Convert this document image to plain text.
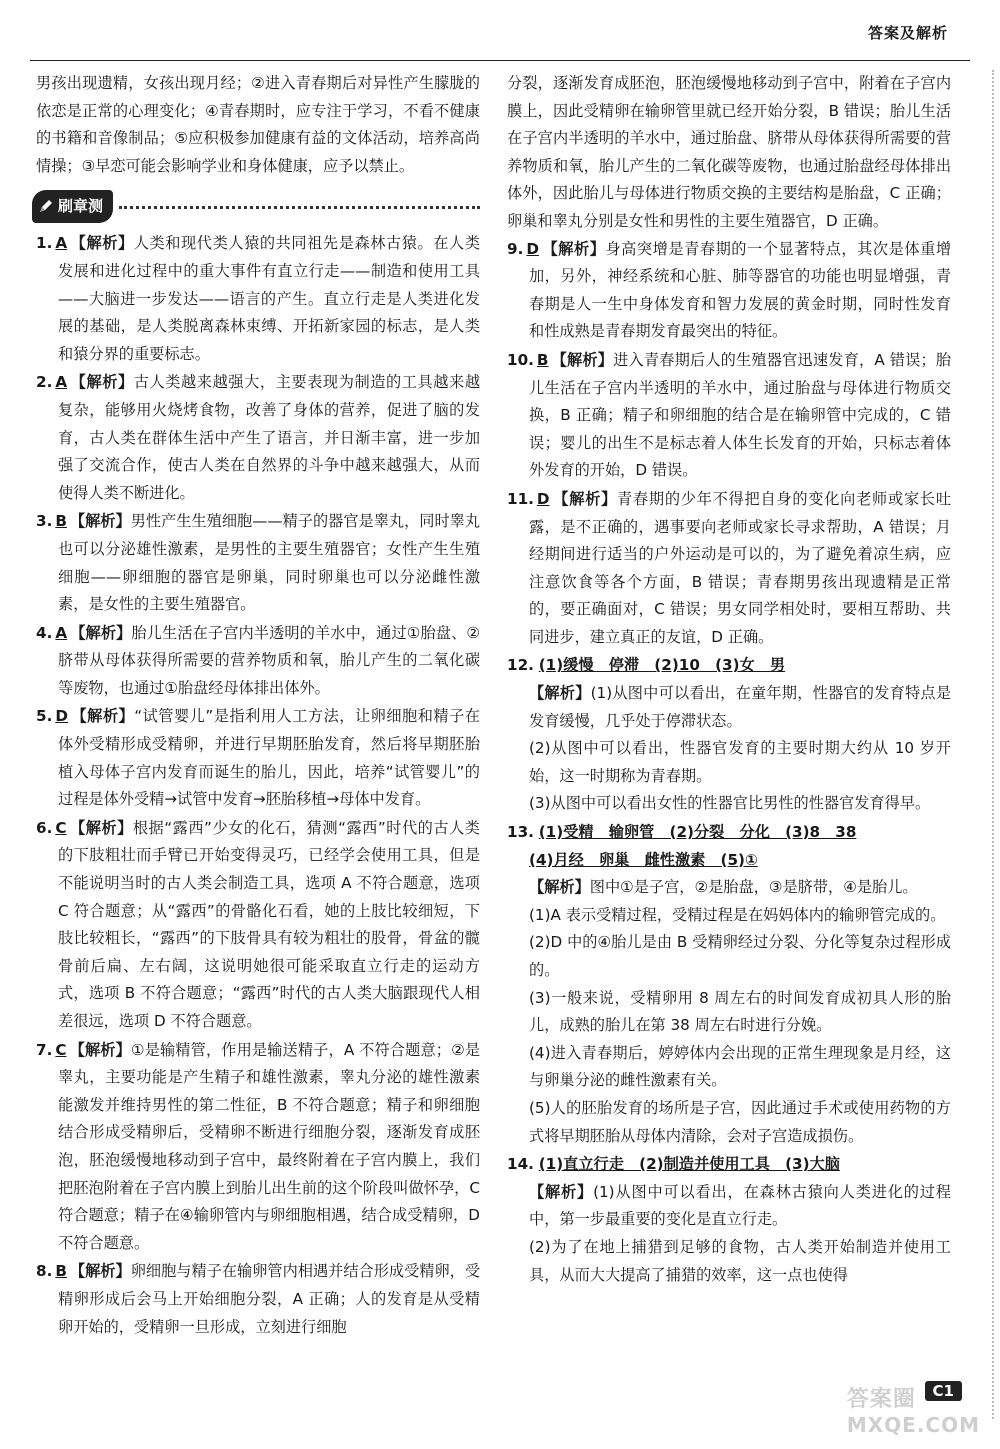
答案及解析

男孩出现遗精，女孩出现月经；②进入青春期后对异性产生朦胧的依恋是正常的心理变化；④青春期时，应专注于学习，不看不健康的书籍和音像制品；⑤应积极参加健康有益的文体活动，培养高尚情操；③早恋可能会影响学业和身体健康，应予以禁止。

刷章测

1. A 【解析】人类和现代类人猿的共同祖先是森林古猿。在人类发展和进化过程中的重大事件有直立行走——制造和使用工具——大脑进一步发达——语言的产生。直立行走是人类进化发展的基础，是人类脱离森林束缚、开拓新家园的标志，是人类和猿分界的重要标志。

2. A 【解析】古人类越来越强大，主要表现为制造的工具越来越复杂，能够用火烧烤食物，改善了身体的营养，促进了脑的发育，古人类在群体生活中产生了语言，并日渐丰富，进一步加强了交流合作，使古人类在自然界的斗争中越来越强大，从而使得人类不断进化。

3. B 【解析】男性产生生殖细胞——精子的器官是睾丸，同时睾丸也可以分泌雄性激素，是男性的主要生殖器官；女性产生生殖细胞——卵细胞的器官是卵巢，同时卵巢也可以分泌雌性激素，是女性的主要生殖器官。

4. A 【解析】胎儿生活在子宫内半透明的羊水中，通过①胎盘、②脐带从母体获得所需要的营养物质和氧，胎儿产生的二氧化碳等废物，也通过①胎盘经母体排出体外。

5. D 【解析】“试管婴儿”是指利用人工方法，让卵细胞和精子在体外受精形成受精卵，并进行早期胚胎发育，然后将早期胚胎植入母体子宫内发育而诞生的胎儿，因此，培养“试管婴儿”的过程是体外受精→试管中发育→胚胎移植→母体中发育。

6. C 【解析】根据“露西”少女的化石，猜测“露西”时代的古人类的下肢粗壮而手臂已开始变得灵巧，已经学会使用工具，但是不能说明当时的古人类会制造工具，选项 A 不符合题意，选项 C 符合题意；从“露西”的骨骼化石看，她的上肢比较细短，下肢比较粗长，“露西”的下肢骨具有较为粗壮的股骨，骨盆的髋骨前后扁、左右阔，这说明她很可能采取直立行走的运动方式，选项 B 不符合题意；“露西”时代的古人类大脑跟现代人相差很远，选项 D 不符合题意。

7. C 【解析】①是输精管，作用是输送精子，A 不符合题意；②是睾丸，主要功能是产生精子和雄性激素，睾丸分泌的雄性激素能激发并维持男性的第二性征，B 不符合题意；精子和卵细胞结合形成受精卵后，受精卵不断进行细胞分裂，逐渐发育成胚泡，胚泡缓慢地移动到子宫中，最终附着在子宫内膜上，我们把胚泡附着在子宫内膜上到胎儿出生前的这个阶段叫做怀孕，C 符合题意；精子在④输卵管内与卵细胞相遇，结合成受精卵，D 不符合题意。

8. B 【解析】卵细胞与精子在输卵管内相遇并结合形成受精卵，受精卵形成后会马上开始细胞分裂，A 正确；人的发育是从受精卵开始的，受精卵一旦形成，立刻进行细胞

分裂，逐渐发育成胚泡，胚泡缓慢地移动到子宫中，附着在子宫内膜上，因此受精卵在输卵管里就已经开始分裂，B 错误；胎儿生活在子宫内半透明的羊水中，通过胎盘、脐带从母体获得所需要的营养物质和氧，胎儿产生的二氧化碳等废物，也通过胎盘经母体排出体外，因此胎儿与母体进行物质交换的主要结构是胎盘，C 正确；卵巢和睾丸分别是女性和男性的主要生殖器官，D 正确。

9. D 【解析】身高突增是青春期的一个显著特点，其次是体重增加，另外，神经系统和心脏、肺等器官的功能也明显增强，青春期是人一生中身体发育和智力发展的黄金时期，同时性发育和性成熟是青春期发育最突出的特征。

10. B 【解析】进入青春期后人的生殖器官迅速发育，A 错误；胎儿生活在子宫内半透明的羊水中，通过胎盘与母体进行物质交换，B 正确；精子和卵细胞的结合是在输卵管中完成的，C 错误；婴儿的出生不是标志着人体生长发育的开始，只标志着体外发育的开始，D 错误。

11. D 【解析】青春期的少年不得把自身的变化向老师或家长吐露，是不正确的，遇事要向老师或家长寻求帮助，A 错误；月经期间进行适当的户外运动是可以的，为了避免着凉生病，应注意饮食等各个方面，B 错误；青春期男孩出现遗精是正常的，要正确面对，C 错误；男女同学相处时，要相互帮助、共同进步，建立真正的友谊，D 正确。

12. (1)缓慢　停滞　(2)10　(3)女　男

【解析】(1)从图中可以看出，在童年期，性器官的发育特点是发育缓慢，几乎处于停滞状态。

(2)从图中可以看出，性器官发育的主要时期大约从 10 岁开始，这一时期称为青春期。

(3)从图中可以看出女性的性器官比男性的性器官发育得早。

13. (1)受精　输卵管　(2)分裂　分化　(3)8　38

(4)月经　卵巢　雌性激素　(5)①

【解析】图中①是子宫，②是胎盘，③是脐带，④是胎儿。

(1)A 表示受精过程，受精过程是在妈妈体内的输卵管完成的。

(2)D 中的④胎儿是由 B 受精卵经过分裂、分化等复杂过程形成的。

(3)一般来说，受精卵用 8 周左右的时间发育成初具人形的胎儿，成熟的胎儿在第 38 周左右时进行分娩。

(4)进入青春期后，婷婷体内会出现的正常生理现象是月经，这与卵巢分泌的雌性激素有关。

(5)人的胚胎发育的场所是子宫，因此通过手术或使用药物的方式将早期胚胎从母体内清除，会对子宫造成损伤。

14. (1)直立行走　(2)制造并使用工具　(3)大脑

【解析】(1)从图中可以看出，在森林古猿向人类进化的过程中，第一步最重要的变化是直立行走。

(2)为了在地上捕猎到足够的食物，古人类开始制造并使用工具，从而大大提高了捕猎的效率，这一点也使得

C1
答案圈
MXQE.COM
